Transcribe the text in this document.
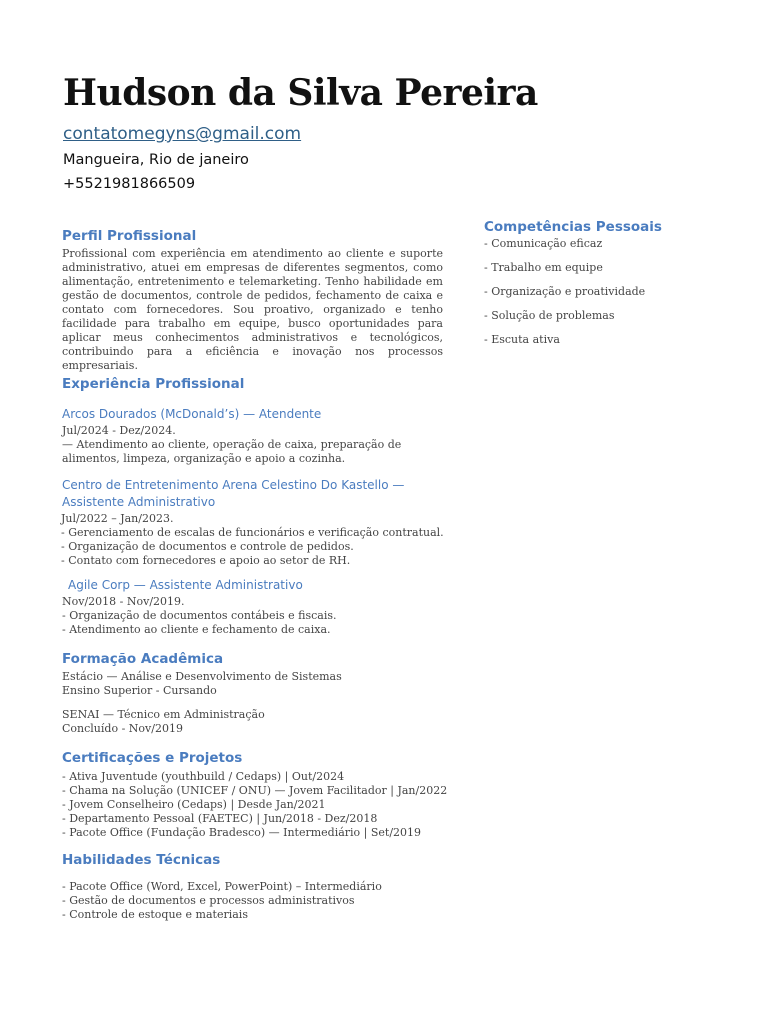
Hudson da Silva Pereira
contatomegyns@gmail.com
Mangueira, Rio de janeiro
+5521981866509
Perfil Profissional

Profissional com experiência em atendimento ao cliente e suporte administrativo, atuei em empresas de diferentes segmentos, como alimentação, entretenimento e telemarketing. Tenho habilidade em gestão de documentos, controle de pedidos, fechamento de caixa e contato com fornecedores. Sou proativo, organizado e tenho facilidade para trabalho em equipe, busco oportunidades para aplicar meus conhecimentos administrativos e tecnológicos, contribuindo para a eficiência e inovação nos processos empresariais.

Competências Pessoais
- Comunicação eficaz
- Trabalho em equipe
- Organização e proatividade
- Solução de problemas
- Escuta ativa
Experiência Profissional
Arcos Dourados (McDonald’s) — Atendente
Jul/2024 - Dez/2024.
— Atendimento ao cliente, operação de caixa, preparação de
alimentos, limpeza, organização e apoio a cozinha.
Centro de Entretenimento Arena Celestino Do Kastello —
Assistente Administrativo
Jul/2022 – Jan/2023.
- Gerenciamento de escalas de funcionários e verificação contratual.
- Organização de documentos e controle de pedidos.
- Contato com fornecedores e apoio ao setor de RH.
Agile Corp — Assistente Administrativo
Nov/2018 - Nov/2019.
- Organização de documentos contábeis e fiscais.
- Atendimento ao cliente e fechamento de caixa.
Formação Acadêmica
Estácio — Análise e Desenvolvimento de Sistemas
Ensino Superior - Cursando
SENAI — Técnico em Administração
Concluído - Nov/2019
Certificações e Projetos
- Ativa Juventude (youthbuild / Cedaps) | Out/2024
- Chama na Solução (UNICEF / ONU) — Jovem Facilitador | Jan/2022
- Jovem Conselheiro (Cedaps) | Desde Jan/2021
- Departamento Pessoal (FAETEC) | Jun/2018 - Dez/2018
- Pacote Office (Fundação Bradesco) — Intermediário | Set/2019
Habilidades Técnicas
- Pacote Office (Word, Excel, PowerPoint) – Intermediário
- Gestão de documentos e processos administrativos
- Controle de estoque e materiais
